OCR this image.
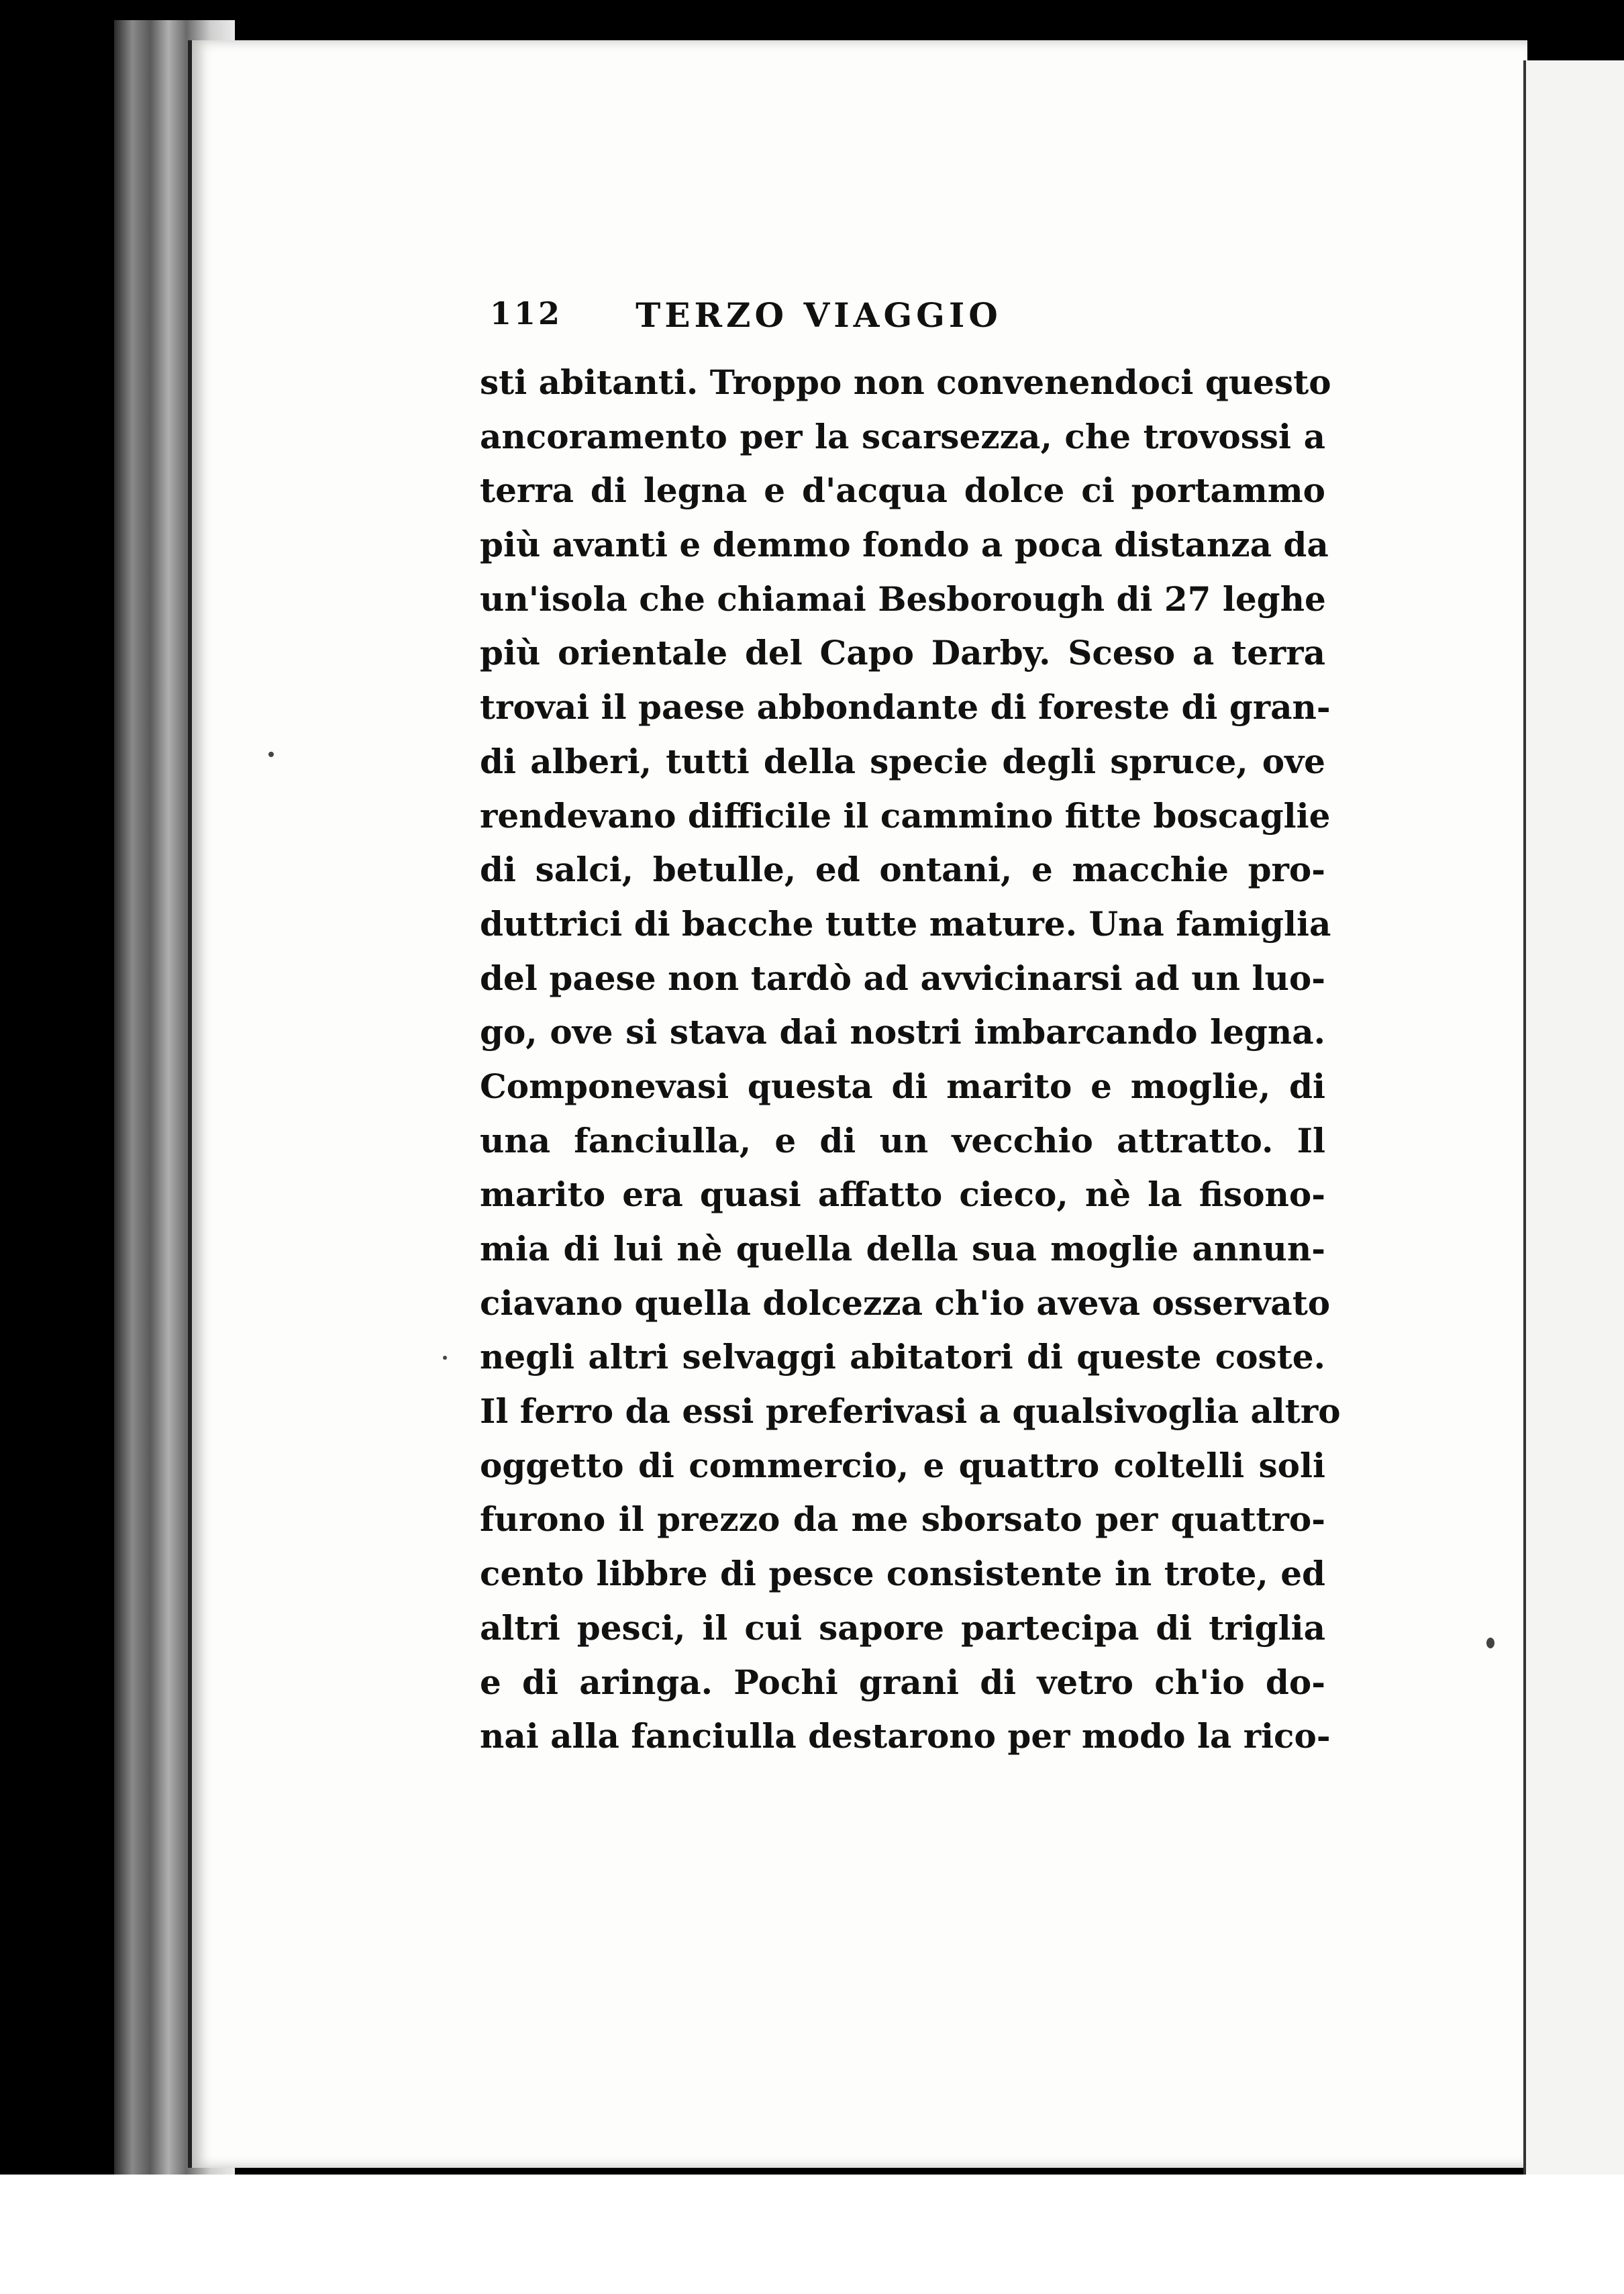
112	TERZO VIAGGIO
sti abitanti. Troppo non convenendoci questo
ancoramento per la scarsezza, che trovossi a
terra di legna e d'acqua dolce ci portammo
più avanti e demmo fondo a poca distanza da
un'isola che chiamai Besborough di 27 leghe
più orientale del Capo Darby. Sceso a terra
trovai il paese abbondante di foreste di gran-
di alberi, tutti della specie degli spruce, ove
rendevano difficile il cammino fitte boscaglie
di salci, betulle, ed ontani, e macchie pro-
duttrici di bacche tutte mature. Una famiglia
del paese non tardò ad avvicinarsi ad un luo-
go, ove si stava dai nostri imbarcando legna.
Componevasi questa di marito e moglie, di
una fanciulla, e di un vecchio attratto. Il
marito era quasi affatto cieco, nè la fisono-
mia di lui nè quella della sua moglie annun-
ciavano quella dolcezza ch'io aveva osservato
negli altri selvaggi abitatori di queste coste.
Il ferro da essi preferivasi a qualsivoglia altro
oggetto di commercio, e quattro coltelli soli
furono il prezzo da me sborsato per quattro-
cento libbre di pesce consistente in trote, ed
altri pesci, il cui sapore partecipa di triglia
e di aringa. Pochi grani di vetro ch'io do-
nai alla fanciulla destarono per modo la rico-
